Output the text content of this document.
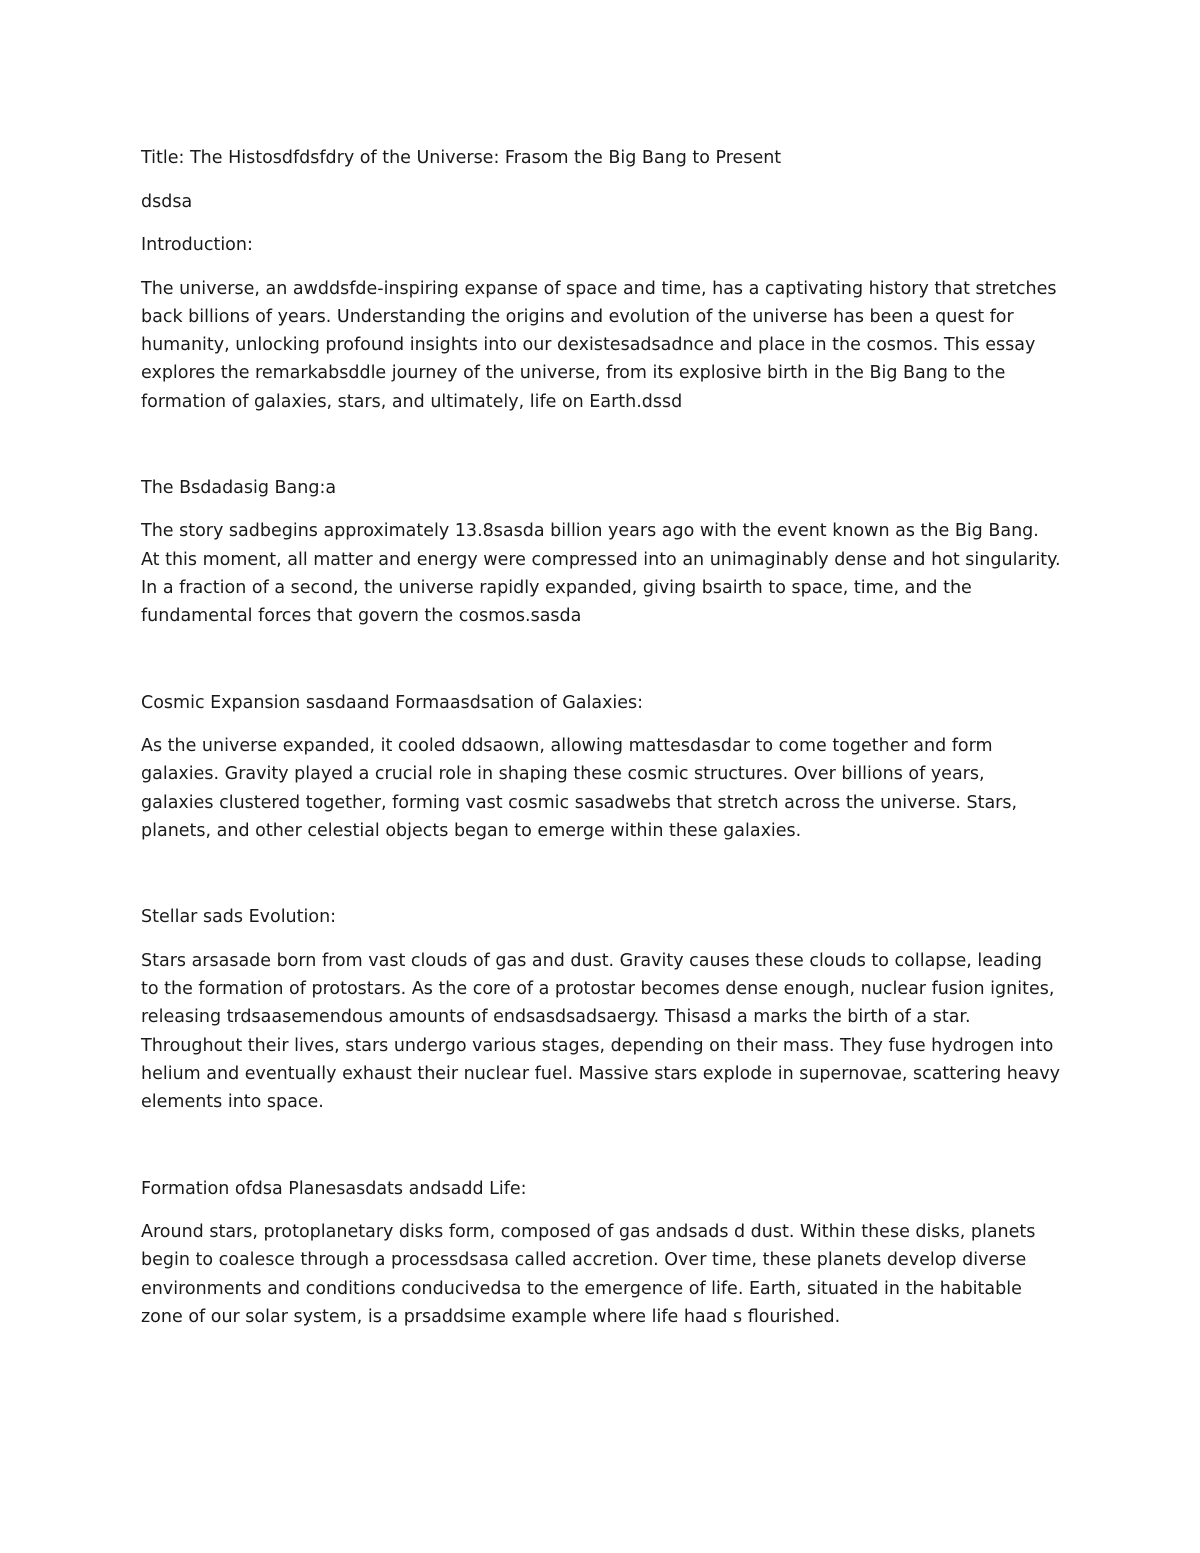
Title: The Histosdfdsfdry of the Universe: Frasom the Big Bang to Present

dsdsa

Introduction:

The universe, an awddsfde-inspiring expanse of space and time, has a captivating history that stretches back billions of years. Understanding the origins and evolution of the universe has been a quest for humanity, unlocking profound insights into our dexistesadsadnce and place in the cosmos. This essay explores the remarkabsddle journey of the universe, from its explosive birth in the Big Bang to the formation of galaxies, stars, and ultimately, life on Earth.dssd

The Bsdadasig Bang:a

The story sadbegins approximately 13.8sasda billion years ago with the event known as the Big Bang. At this moment, all matter and energy were compressed into an unimaginably dense and hot singularity. In a fraction of a second, the universe rapidly expanded, giving bsairth to space, time, and the fundamental forces that govern the cosmos.sasda

Cosmic Expansion sasdaand Formaasdsation of Galaxies:

As the universe expanded, it cooled ddsaown, allowing mattesdasdar to come together and form galaxies. Gravity played a crucial role in shaping these cosmic structures. Over billions of years, galaxies clustered together, forming vast cosmic sasadwebs that stretch across the universe. Stars, planets, and other celestial objects began to emerge within these galaxies.

Stellar sads Evolution:

Stars arsasade born from vast clouds of gas and dust. Gravity causes these clouds to collapse, leading to the formation of protostars. As the core of a protostar becomes dense enough, nuclear fusion ignites, releasing trdsaasemendous amounts of endsasdsadsaergy. Thisasd a marks the birth of a star. Throughout their lives, stars undergo various stages, depending on their mass. They fuse hydrogen into helium and eventually exhaust their nuclear fuel. Massive stars explode in supernovae, scattering heavy elements into space.

Formation ofdsa Planesasdats andsadd Life:

Around stars, protoplanetary disks form, composed of gas andsads d dust. Within these disks, planets begin to coalesce through a processdsasa called accretion. Over time, these planets develop diverse environments and conditions conducivedsa to the emergence of life. Earth, situated in the habitable zone of our solar system, is a prsaddsime example where life haad s flourished.
